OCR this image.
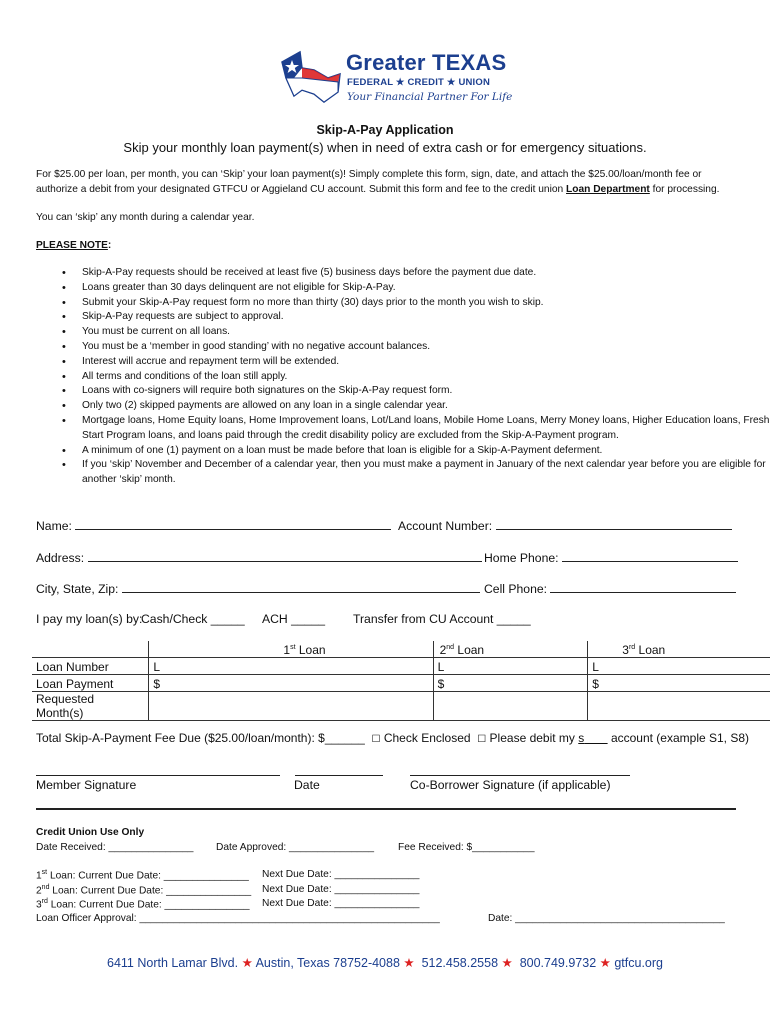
Greater TEXAS
FEDERAL ★ CREDIT ★ UNION
Your Financial Partner For Life
Skip-A-Pay Application
Skip your monthly loan payment(s) when in need of extra cash or for emergency situations.
For $25.00 per loan, per month, you can ‘Skip’ your loan payment(s)! Simply complete this form, sign, date, and attach the $25.00/loan/month fee or authorize a debit from your designated GTFCU or Aggieland CU account. Submit this form and fee to the credit union Loan Department for processing.
You can ‘skip’ any month during a calendar year.
PLEASE NOTE:
• Skip-A-Pay requests should be received at least five (5) business days before the payment due date.
• Loans greater than 30 days delinquent are not eligible for Skip-A-Pay.
• Submit your Skip-A-Pay request form no more than thirty (30) days prior to the month you wish to skip.
• Skip-A-Pay requests are subject to approval.
• You must be current on all loans.
• You must be a ‘member in good standing’ with no negative account balances.
• Interest will accrue and repayment term will be extended.
• All terms and conditions of the loan still apply.
• Loans with co-signers will require both signatures on the Skip-A-Pay request form.
• Only two (2) skipped payments are allowed on any loan in a single calendar year.
• Mortgage loans, Home Equity loans, Home Improvement loans, Lot/Land loans, Mobile Home Loans, Merry Money loans, Higher Education loans, Fresh Start Program loans, and loans paid through the credit disability policy are excluded from the Skip-A-Payment program.
• A minimum of one (1) payment on a loan must be made before that loan is eligible for a Skip-A-Payment deferment.
• If you ‘skip’ November and December of a calendar year, then you must make a payment in January of the next calendar year before you are eligible for another ‘skip’ month.
Name:	Account Number:
Address:	Home Phone:
City, State, Zip:	Cell Phone:
I pay my loan(s) by:
Cash/Check _____ ACH _____ Transfer from CU Account _____
	1st Loan	2nd Loan	3rd Loan
Loan Number	L	L	L
Loan Payment	$	$	$
Requested Month(s)			
Total Skip-A-Payment Fee Due ($25.00/loan/month): $______ ☐ Check Enclosed ☐ Please debit my s        account (example S1, S8)
Member Signature	Date	Co-Borrower Signature (if applicable)
Credit Union Use Only
Date Received: _______________ Date Approved: _______________ Fee Received: $___________
1st Loan: Current Due Date: _______________ Next Due Date: _______________
2nd Loan: Current Due Date: _______________ Next Due Date: _______________
3rd Loan: Current Due Date: _______________ Next Due Date: _______________
Loan Officer Approval: _____________________________________________________	Date: _____________________________________
6411 North Lamar Blvd. ★ Austin, Texas 78752-4088 ★ 512.458.2558 ★ 800.749.9732 ★ gtfcu.org
